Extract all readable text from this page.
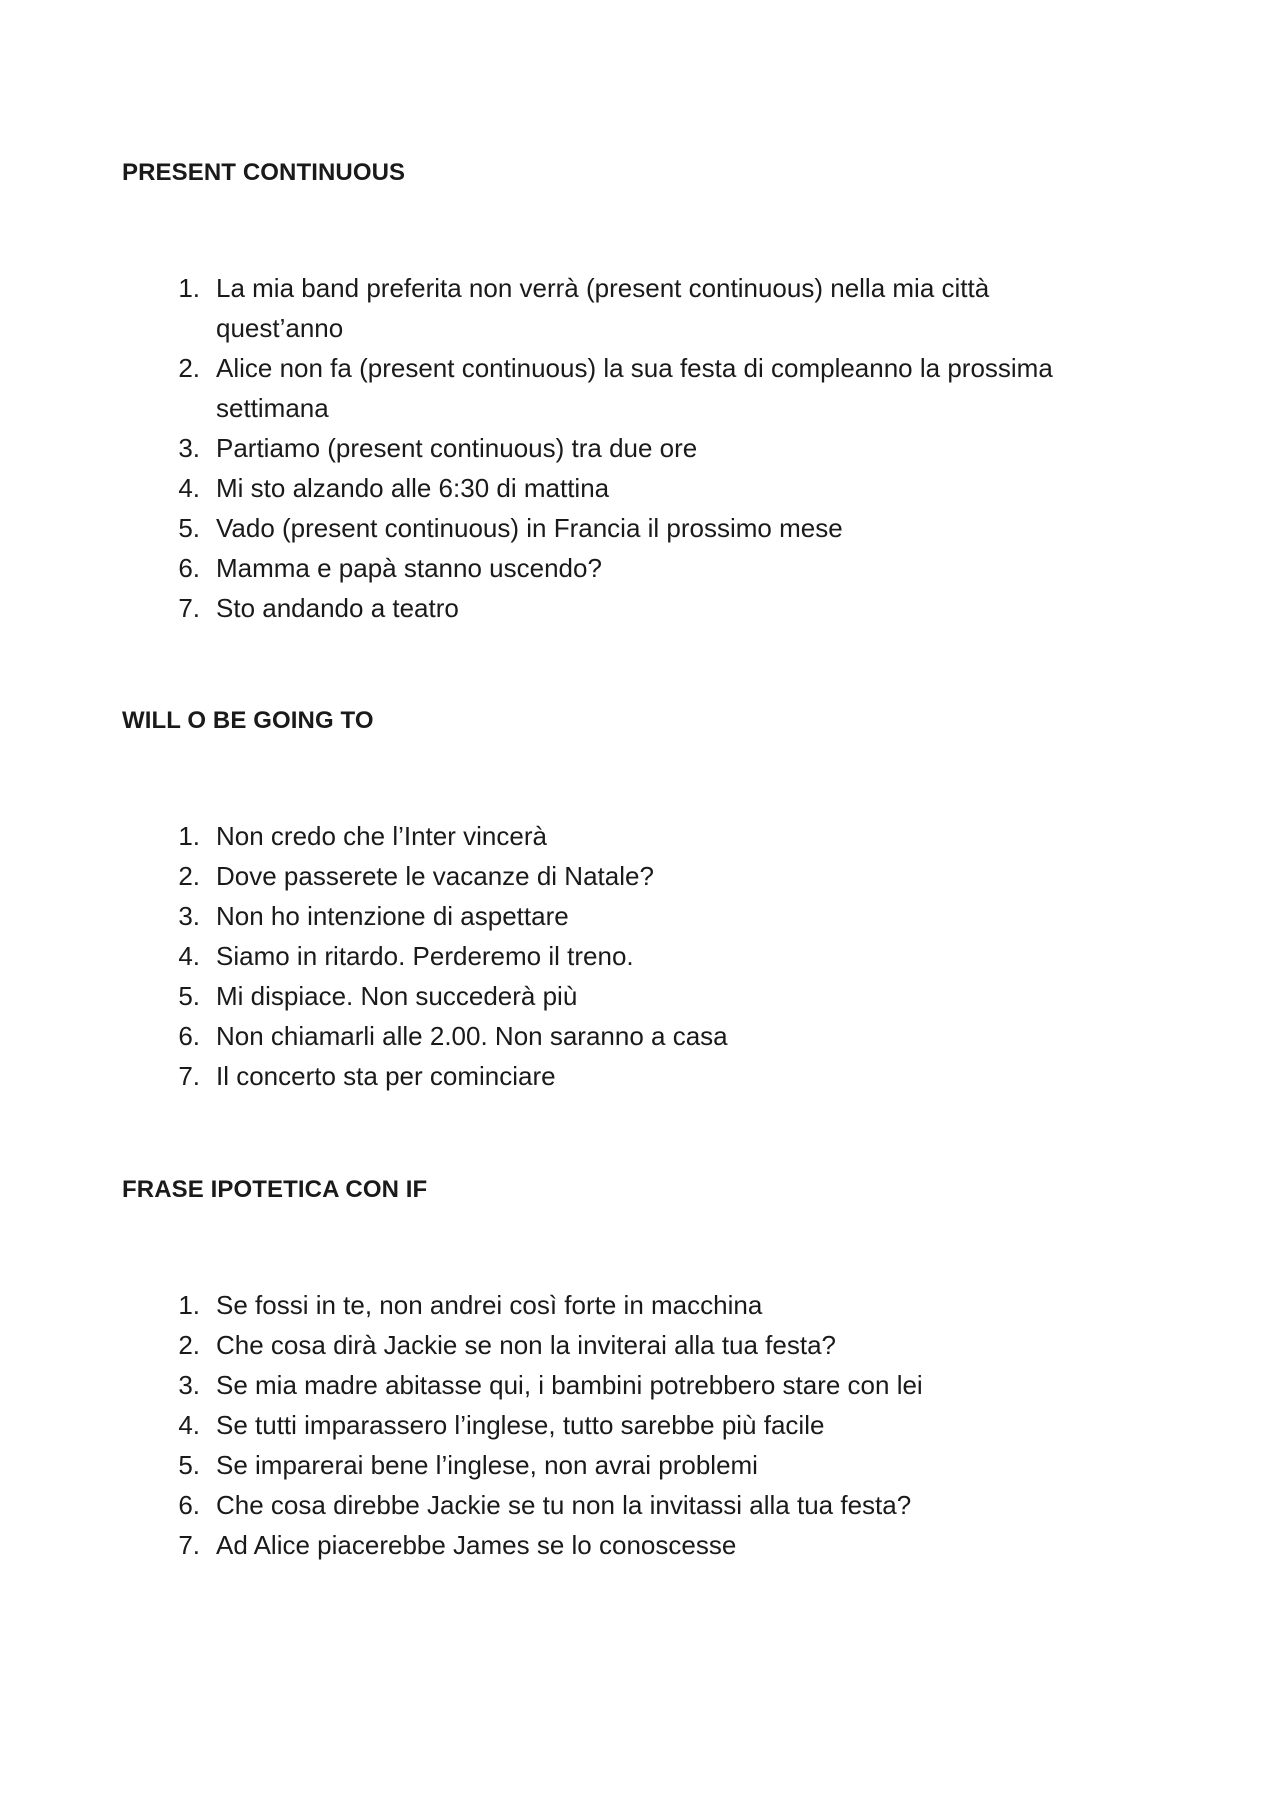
PRESENT CONTINUOUS
1. La mia band preferita non verrà (present continuous) nella mia città quest’anno
2. Alice non fa (present continuous) la sua festa di compleanno la prossima settimana
3. Partiamo (present continuous) tra due ore
4. Mi sto alzando alle 6:30 di mattina
5. Vado (present continuous) in Francia il prossimo mese
6. Mamma e papà stanno uscendo?
7. Sto andando a teatro
WILL O BE GOING TO
1. Non credo che l’Inter vincerà
2. Dove passerete le vacanze di Natale?
3. Non ho intenzione di aspettare
4. Siamo in ritardo. Perderemo il treno.
5. Mi dispiace. Non succederà più
6. Non chiamarli alle 2.00. Non saranno a casa
7. Il concerto sta per cominciare
FRASE IPOTETICA CON IF
1. Se fossi in te, non andrei così forte in macchina
2. Che cosa dirà Jackie se non la inviterai alla tua festa?
3. Se mia madre abitasse qui, i bambini potrebbero stare con lei
4. Se tutti imparassero l’inglese, tutto sarebbe più facile
5. Se imparerai bene l’inglese, non avrai problemi
6. Che cosa direbbe Jackie se tu non la invitassi alla tua festa?
7. Ad Alice piacerebbe James se lo conoscesse
